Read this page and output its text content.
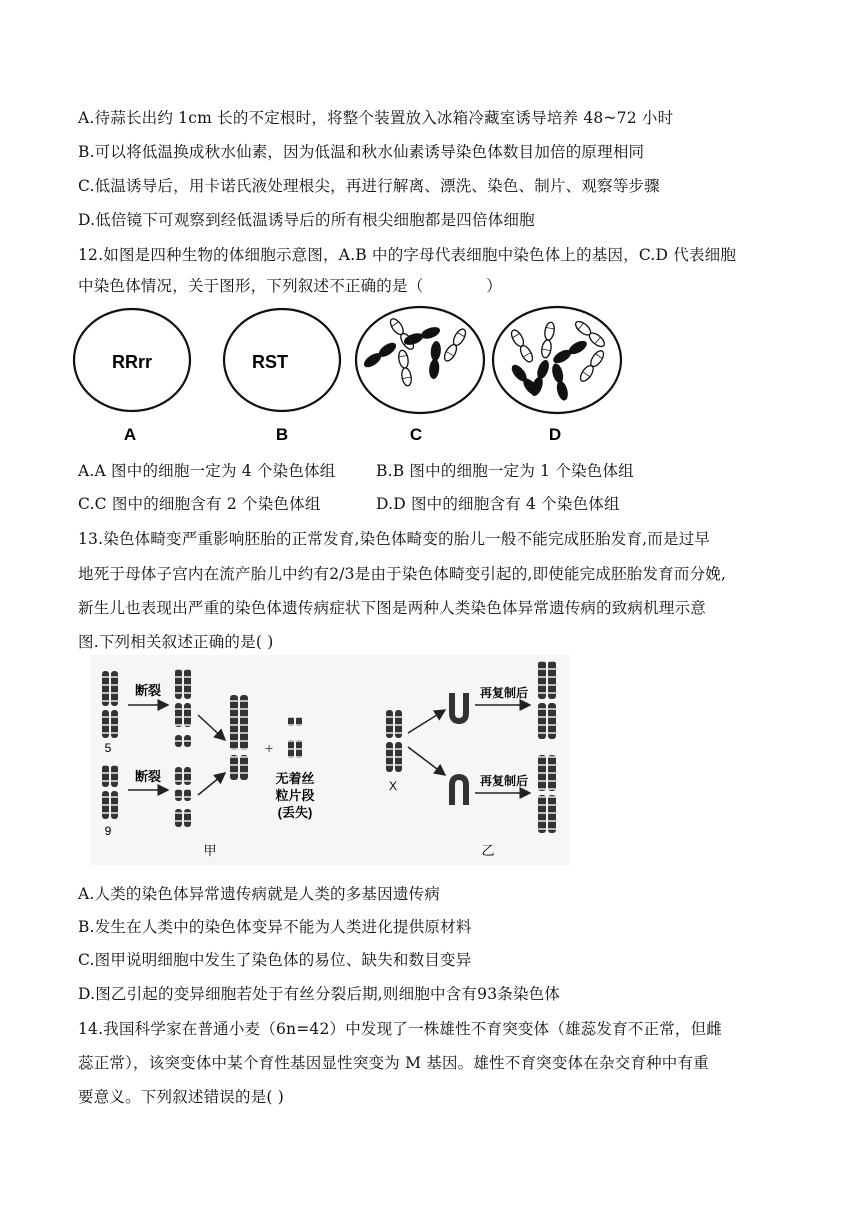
A.待蒜长出约 1cm 长的不定根时，将整个装置放入冰箱冷藏室诱导培养 48~72 小时
B.可以将低温换成秋水仙素，因为低温和秋水仙素诱导染色体数目加倍的原理相同
C.低温诱导后，用卡诺氏液处理根尖，再进行解离、漂洗、染色、制片、观察等步骤
D.低倍镜下可观察到经低温诱导后的所有根尖细胞都是四倍体细胞
12.如图是四种生物的体细胞示意图，A.B 中的字母代表细胞中染色体上的基因，C.D 代表细胞
中染色体情况，关于图形，下列叙述不正确的是（　　　　）
RRrr
A
RST
B	C	D
A.A 图中的细胞一定为 4 个染色体组	B.B 图中的细胞一定为 1 个染色体组
C.C 图中的细胞含有 2 个染色体组	D.D 图中的细胞含有 4 个染色体组
13.染色体畸变严重影响胚胎的正常发育,染色体畸变的胎儿一般不能完成胚胎发育,而是过早
地死于母体子宫内在流产胎儿中约有2/3是由于染色体畸变引起的,即使能完成胚胎发育而分娩,
新生儿也表现出严重的染色体遗传病症状下图是两种人类染色体异常遗传病的致病机理示意
图.下列相关叙述正确的是( )
5
断裂
9
断裂
+
无着丝
粒片段
(丢失)
甲
X
再复制后
再复制后
乙
A.人类的染色体异常遗传病就是人类的多基因遗传病
B.发生在人类中的染色体变异不能为人类进化提供原材料
C.图甲说明细胞中发生了染色体的易位、缺失和数目变异
D.图乙引起的变异细胞若处于有丝分裂后期,则细胞中含有93条染色体
14.我国科学家在普通小麦（6n=42）中发现了一株雄性不育突变体（雄蕊发育不正常，但雌
蕊正常），该突变体中某个育性基因显性突变为 M 基因。雄性不育突变体在杂交育种中有重
要意义。下列叙述错误的是( )
